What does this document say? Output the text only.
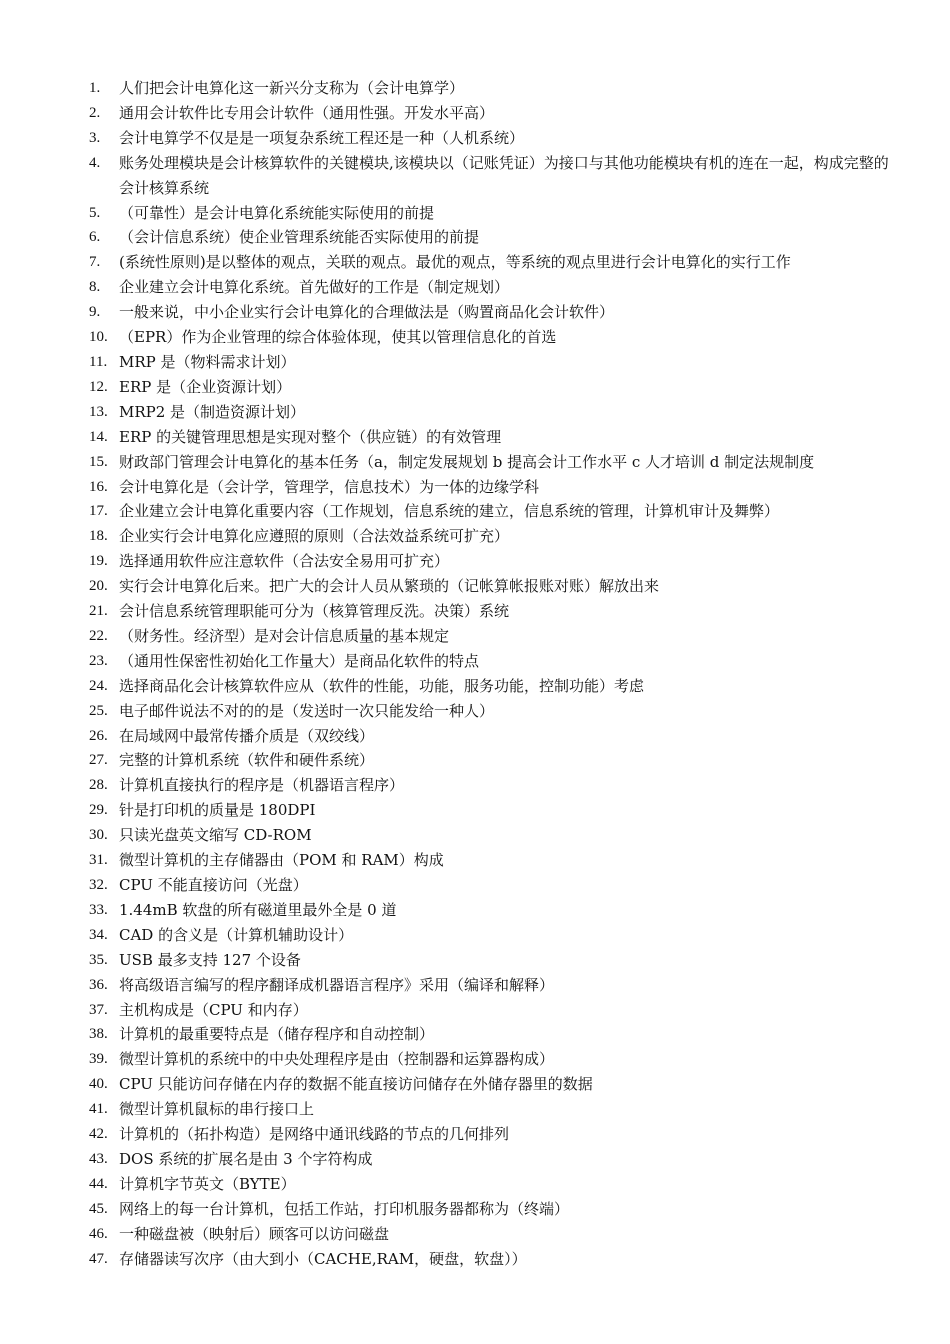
1.	人们把会计电算化这一新兴分支称为（会计电算学）
2.	通用会计软件比专用会计软件（通用性强。开发水平高）
3.	会计电算学不仅是是一项复杂系统工程还是一种（人机系统）
4.	账务处理模块是会计核算软件的关键模块,该模块以（记账凭证）为接口与其他功能模块有机的连在一起，构成完整的会计核算系统
5.	（可靠性）是会计电算化系统能实际使用的前提
6.	（会计信息系统）使企业管理系统能否实际使用的前提
7.	(系统性原则)是以整体的观点，关联的观点。最优的观点，等系统的观点里进行会计电算化的实行工作
8.	企业建立会计电算化系统。首先做好的工作是（制定规划）
9.	一般来说，中小企业实行会计电算化的合理做法是（购置商品化会计软件）
10. （EPR）作为企业管理的综合体验体现，使其以管理信息化的首选
11. MRP 是（物料需求计划）
12. ERP 是（企业资源计划）
13. MRP2 是（制造资源计划）
14. ERP 的关键管理思想是实现对整个（供应链）的有效管理
15. 财政部门管理会计电算化的基本任务（a，制定发展规划 b 提高会计工作水平 c 人才培训 d 制定法规制度
16. 会计电算化是（会计学，管理学，信息技术）为一体的边缘学科
17. 企业建立会计电算化重要内容（工作规划，信息系统的建立，信息系统的管理，计算机审计及舞弊）
18. 企业实行会计电算化应遵照的原则（合法效益系统可扩充）
19. 选择通用软件应注意软件（合法安全易用可扩充）
20. 实行会计电算化后来。把广大的会计人员从繁琐的（记帐算帐报账对账）解放出来
21. 会计信息系统管理职能可分为（核算管理反洗。决策）系统
22. （财务性。经济型）是对会计信息质量的基本规定
23. （通用性保密性初始化工作量大）是商品化软件的特点
24. 选择商品化会计核算软件应从（软件的性能，功能，服务功能，控制功能）考虑
25. 电子邮件说法不对的的是（发送时一次只能发给一种人）
26. 在局域网中最常传播介质是（双绞线）
27. 完整的计算机系统（软件和硬件系统）
28. 计算机直接执行的程序是（机器语言程序）
29. 针是打印机的质量是 180DPI
30. 只读光盘英文缩写 CD-ROM
31. 微型计算机的主存储器由（POM 和 RAM）构成
32. CPU 不能直接访问（光盘）
33. 1.44mB 软盘的所有磁道里最外全是 0 道
34. CAD 的含义是（计算机辅助设计）
35. USB 最多支持 127 个设备
36. 将高级语言编写的程序翻译成机器语言程序》采用（编译和解释）
37. 主机构成是（CPU 和内存）
38. 计算机的最重要特点是（储存程序和自动控制）
39. 微型计算机的系统中的中央处理程序是由（控制器和运算器构成）
40. CPU 只能访问存储在内存的数据不能直接访问储存在外储存器里的数据
41. 微型计算机鼠标的串行接口上
42. 计算机的（拓扑构造）是网络中通讯线路的节点的几何排列
43. DOS 系统的扩展名是由 3 个字符构成
44. 计算机字节英文（BYTE）
45. 网络上的每一台计算机，包括工作站，打印机服务器都称为（终端）
46. 一种磁盘被（映射后）顾客可以访问磁盘
47. 存储器读写次序（由大到小（CACHE,RAM，硬盘，软盘））
